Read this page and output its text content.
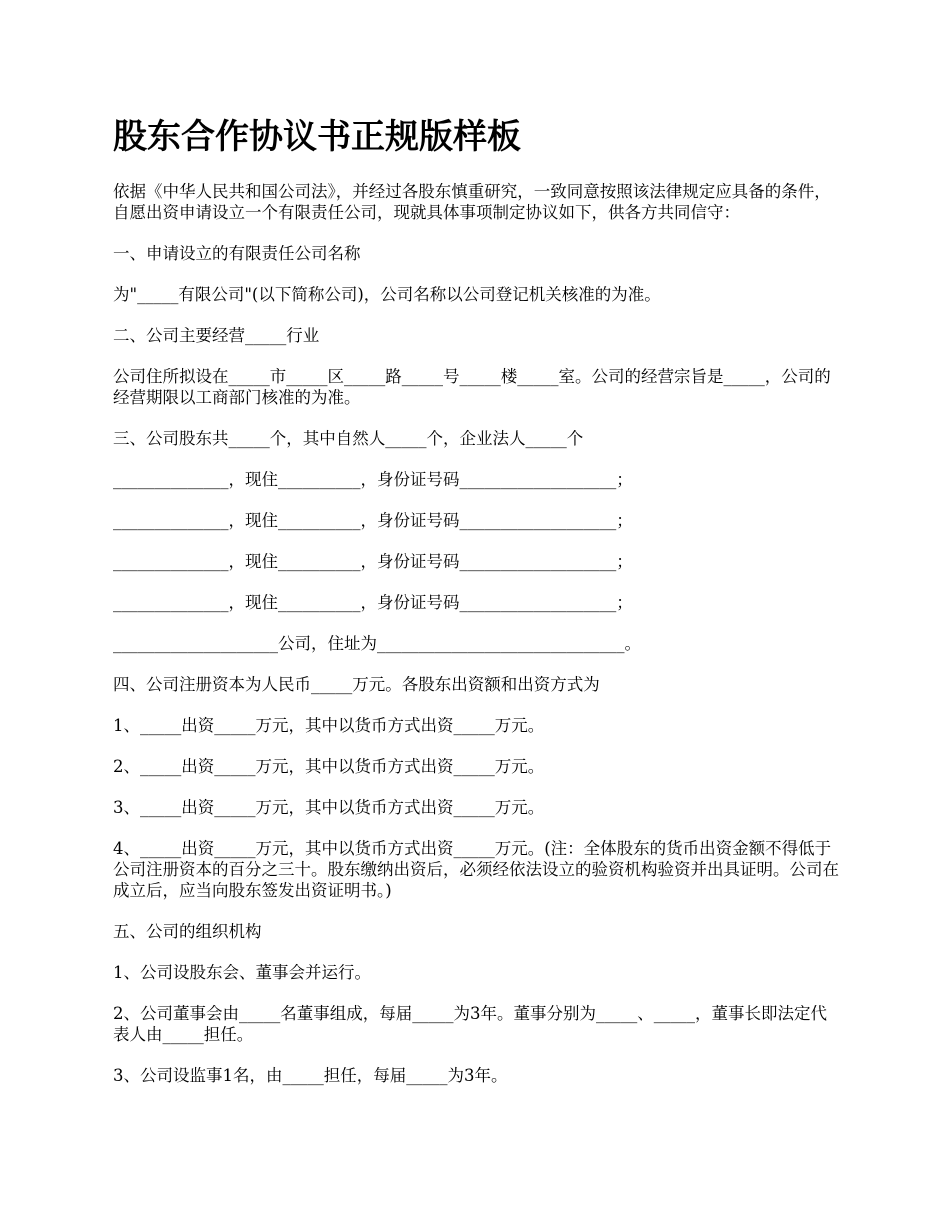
股东合作协议书正规版样板

依据《中华人民共和国公司法》，并经过各股东慎重研究，一致同意按照该法律规定应具备的条件，自愿出资申请设立一个有限责任公司，现就具体事项制定协议如下，供各方共同信守：

一、申请设立的有限责任公司名称

为"_____有限公司"(以下简称公司)，公司名称以公司登记机关核准的为准。

二、公司主要经营_____行业

公司住所拟设在_____市_____区_____路_____号_____楼_____室。公司的经营宗旨是_____，公司的经营期限以工商部门核准的为准。

三、公司股东共_____个，其中自然人_____个，企业法人_____个

______________，现住__________，身份证号码___________________；

______________，现住__________，身份证号码___________________；

______________，现住__________，身份证号码___________________；

______________，现住__________，身份证号码___________________；

____________________公司，住址为______________________________。

四、公司注册资本为人民币_____万元。各股东出资额和出资方式为

1、_____出资_____万元，其中以货币方式出资_____万元。

2、_____出资_____万元，其中以货币方式出资_____万元。

3、_____出资_____万元，其中以货币方式出资_____万元。

4、_____出资_____万元，其中以货币方式出资_____万元。(注：全体股东的货币出资金额不得低于公司注册资本的百分之三十。股东缴纳出资后，必须经依法设立的验资机构验资并出具证明。公司在成立后，应当向股东签发出资证明书。)

五、公司的组织机构

1、公司设股东会、董事会并运行。

2、公司董事会由_____名董事组成，每届_____为3年。董事分别为_____、_____，董事长即法定代表人由_____担任。

3、公司设监事1名，由_____担任，每届_____为3年。
